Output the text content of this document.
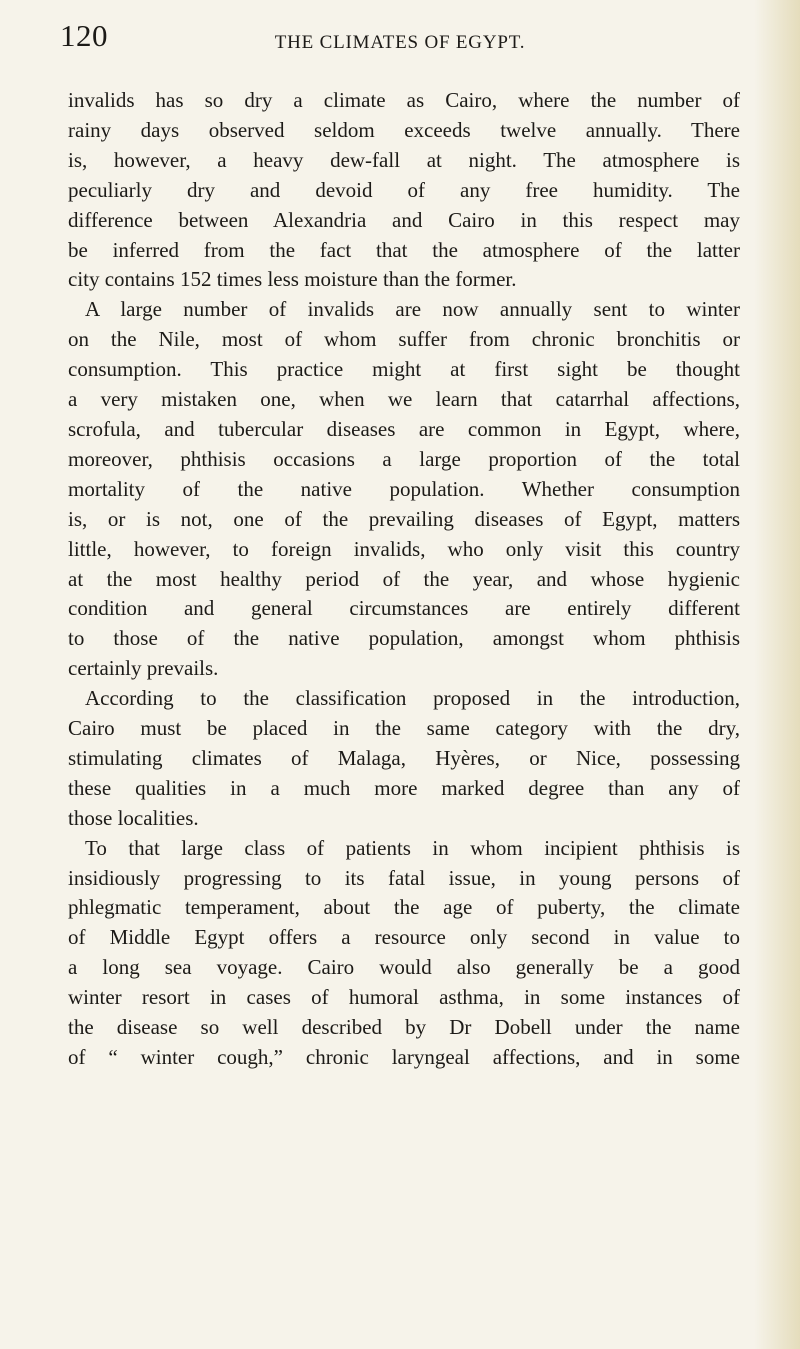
120	THE CLIMATES OF EGYPT.
invalids has so dry a climate as Cairo, where the number of
rainy days observed seldom exceeds twelve annually. There
is, however, a heavy dew-fall at night. The atmosphere is
peculiarly dry and devoid of any free humidity. The
difference between Alexandria and Cairo in this respect may
be inferred from the fact that the atmosphere of the latter
city contains 152 times less moisture than the former.
A large number of invalids are now annually sent to winter
on the Nile, most of whom suffer from chronic bronchitis or
consumption. This practice might at first sight be thought
a very mistaken one, when we learn that catarrhal affections,
scrofula, and tubercular diseases are common in Egypt, where,
moreover, phthisis occasions a large proportion of the total
mortality of the native population. Whether consumption
is, or is not, one of the prevailing diseases of Egypt, matters
little, however, to foreign invalids, who only visit this country
at the most healthy period of the year, and whose hygienic
condition and general circumstances are entirely different
to those of the native population, amongst whom phthisis
certainly prevails.
According to the classification proposed in the introduction,
Cairo must be placed in the same category with the dry,
stimulating climates of Malaga, Hyères, or Nice, possessing
these qualities in a much more marked degree than any of
those localities.
To that large class of patients in whom incipient phthisis is
insidiously progressing to its fatal issue, in young persons of
phlegmatic temperament, about the age of puberty, the climate
of Middle Egypt offers a resource only second in value to
a long sea voyage. Cairo would also generally be a good
winter resort in cases of humoral asthma, in some instances of
the disease so well described by Dr Dobell under the name
of “ winter cough,” chronic laryngeal affections, and in some
